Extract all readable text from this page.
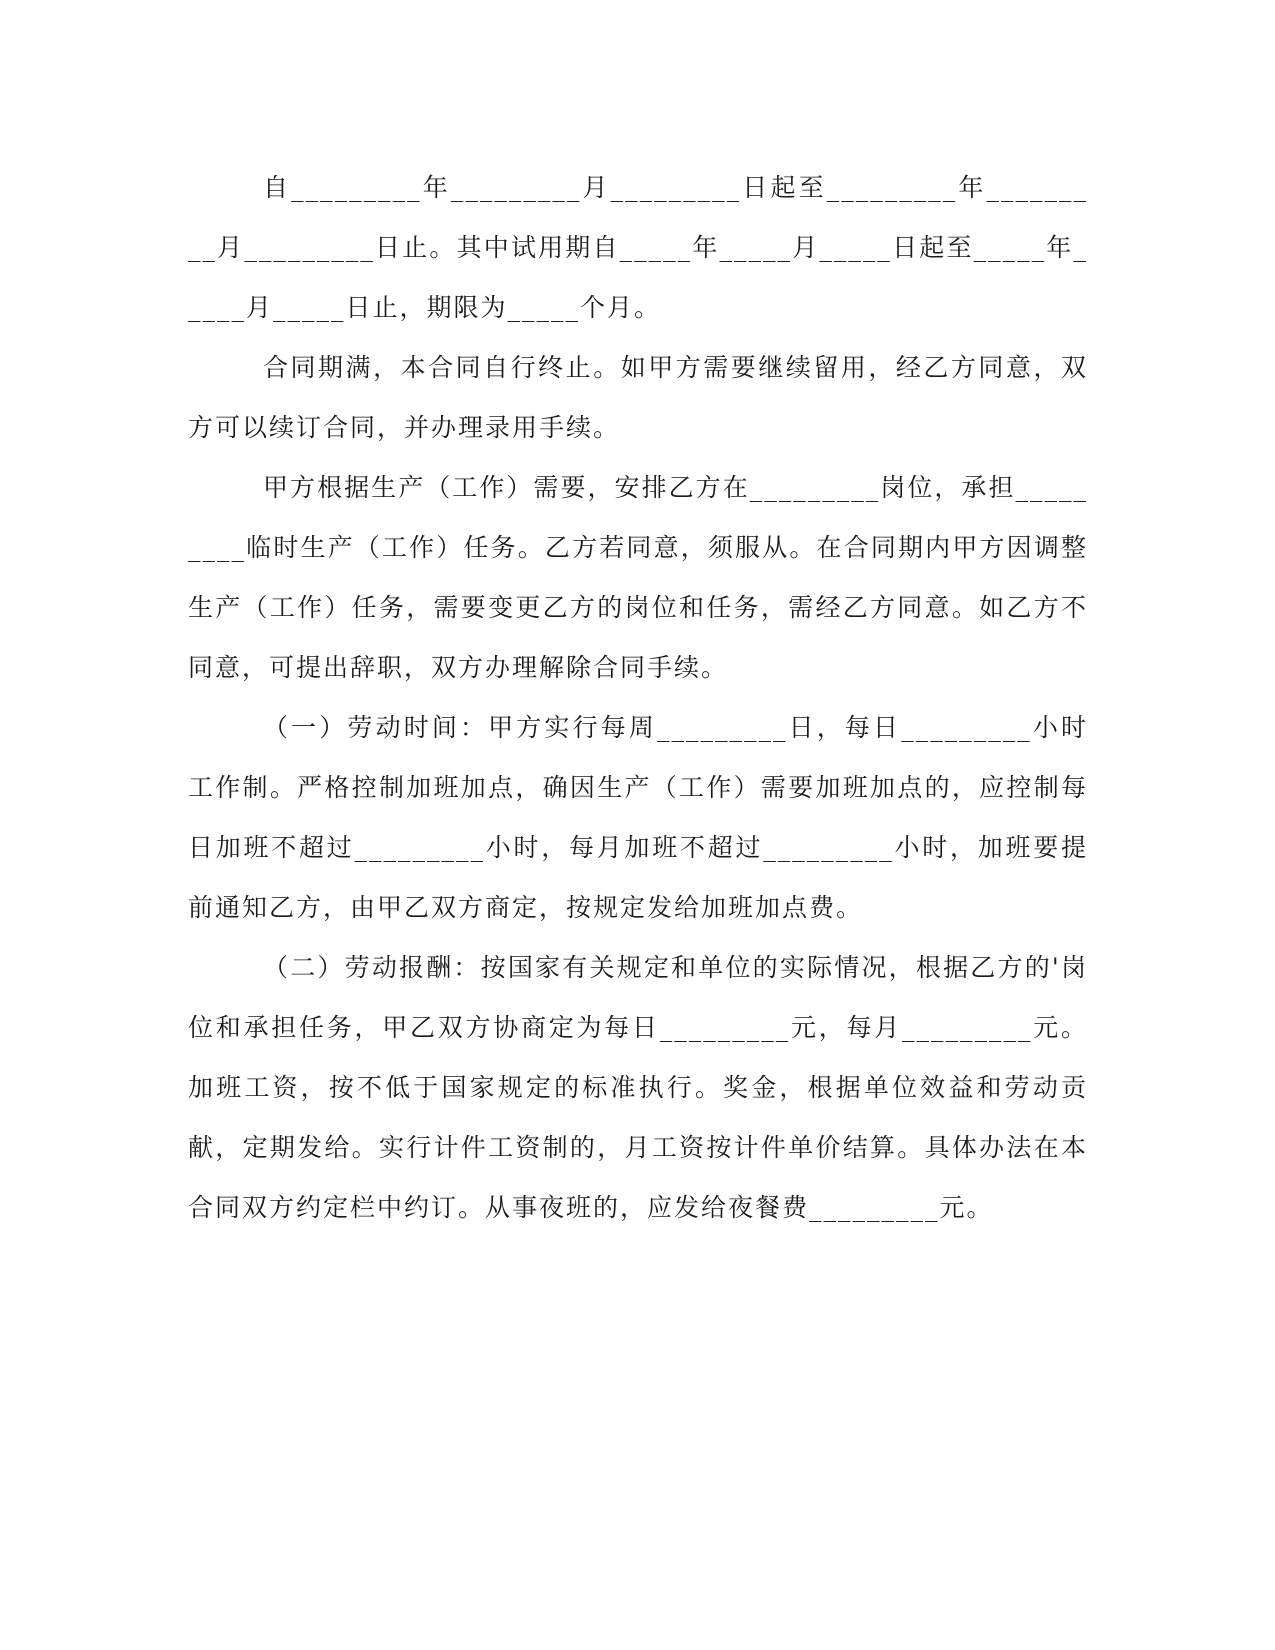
自_________年_________月_________日起至_________年_________月_________日止。其中试用期自_____年_____月_____日起至_____年_____月_____日止，期限为_____个月。

合同期满，本合同自行终止。如甲方需要继续留用，经乙方同意，双方可以续订合同，并办理录用手续。

甲方根据生产（工作）需要，安排乙方在_________岗位，承担_________临时生产（工作）任务。乙方若同意，须服从。在合同期内甲方因调整生产（工作）任务，需要变更乙方的岗位和任务，需经乙方同意。如乙方不同意，可提出辞职，双方办理解除合同手续。

（一）劳动时间：甲方实行每周_________日，每日_________小时工作制。严格控制加班加点，确因生产（工作）需要加班加点的，应控制每日加班不超过_________小时，每月加班不超过_________小时，加班要提前通知乙方，由甲乙双方商定，按规定发给加班加点费。

（二）劳动报酬：按国家有关规定和单位的实际情况，根据乙方的'岗位和承担任务，甲乙双方协商定为每日_________元，每月_________元。加班工资，按不低于国家规定的标准执行。奖金，根据单位效益和劳动贡献，定期发给。实行计件工资制的，月工资按计件单价结算。具体办法在本合同双方约定栏中约订。从事夜班的，应发给夜餐费_________元。
